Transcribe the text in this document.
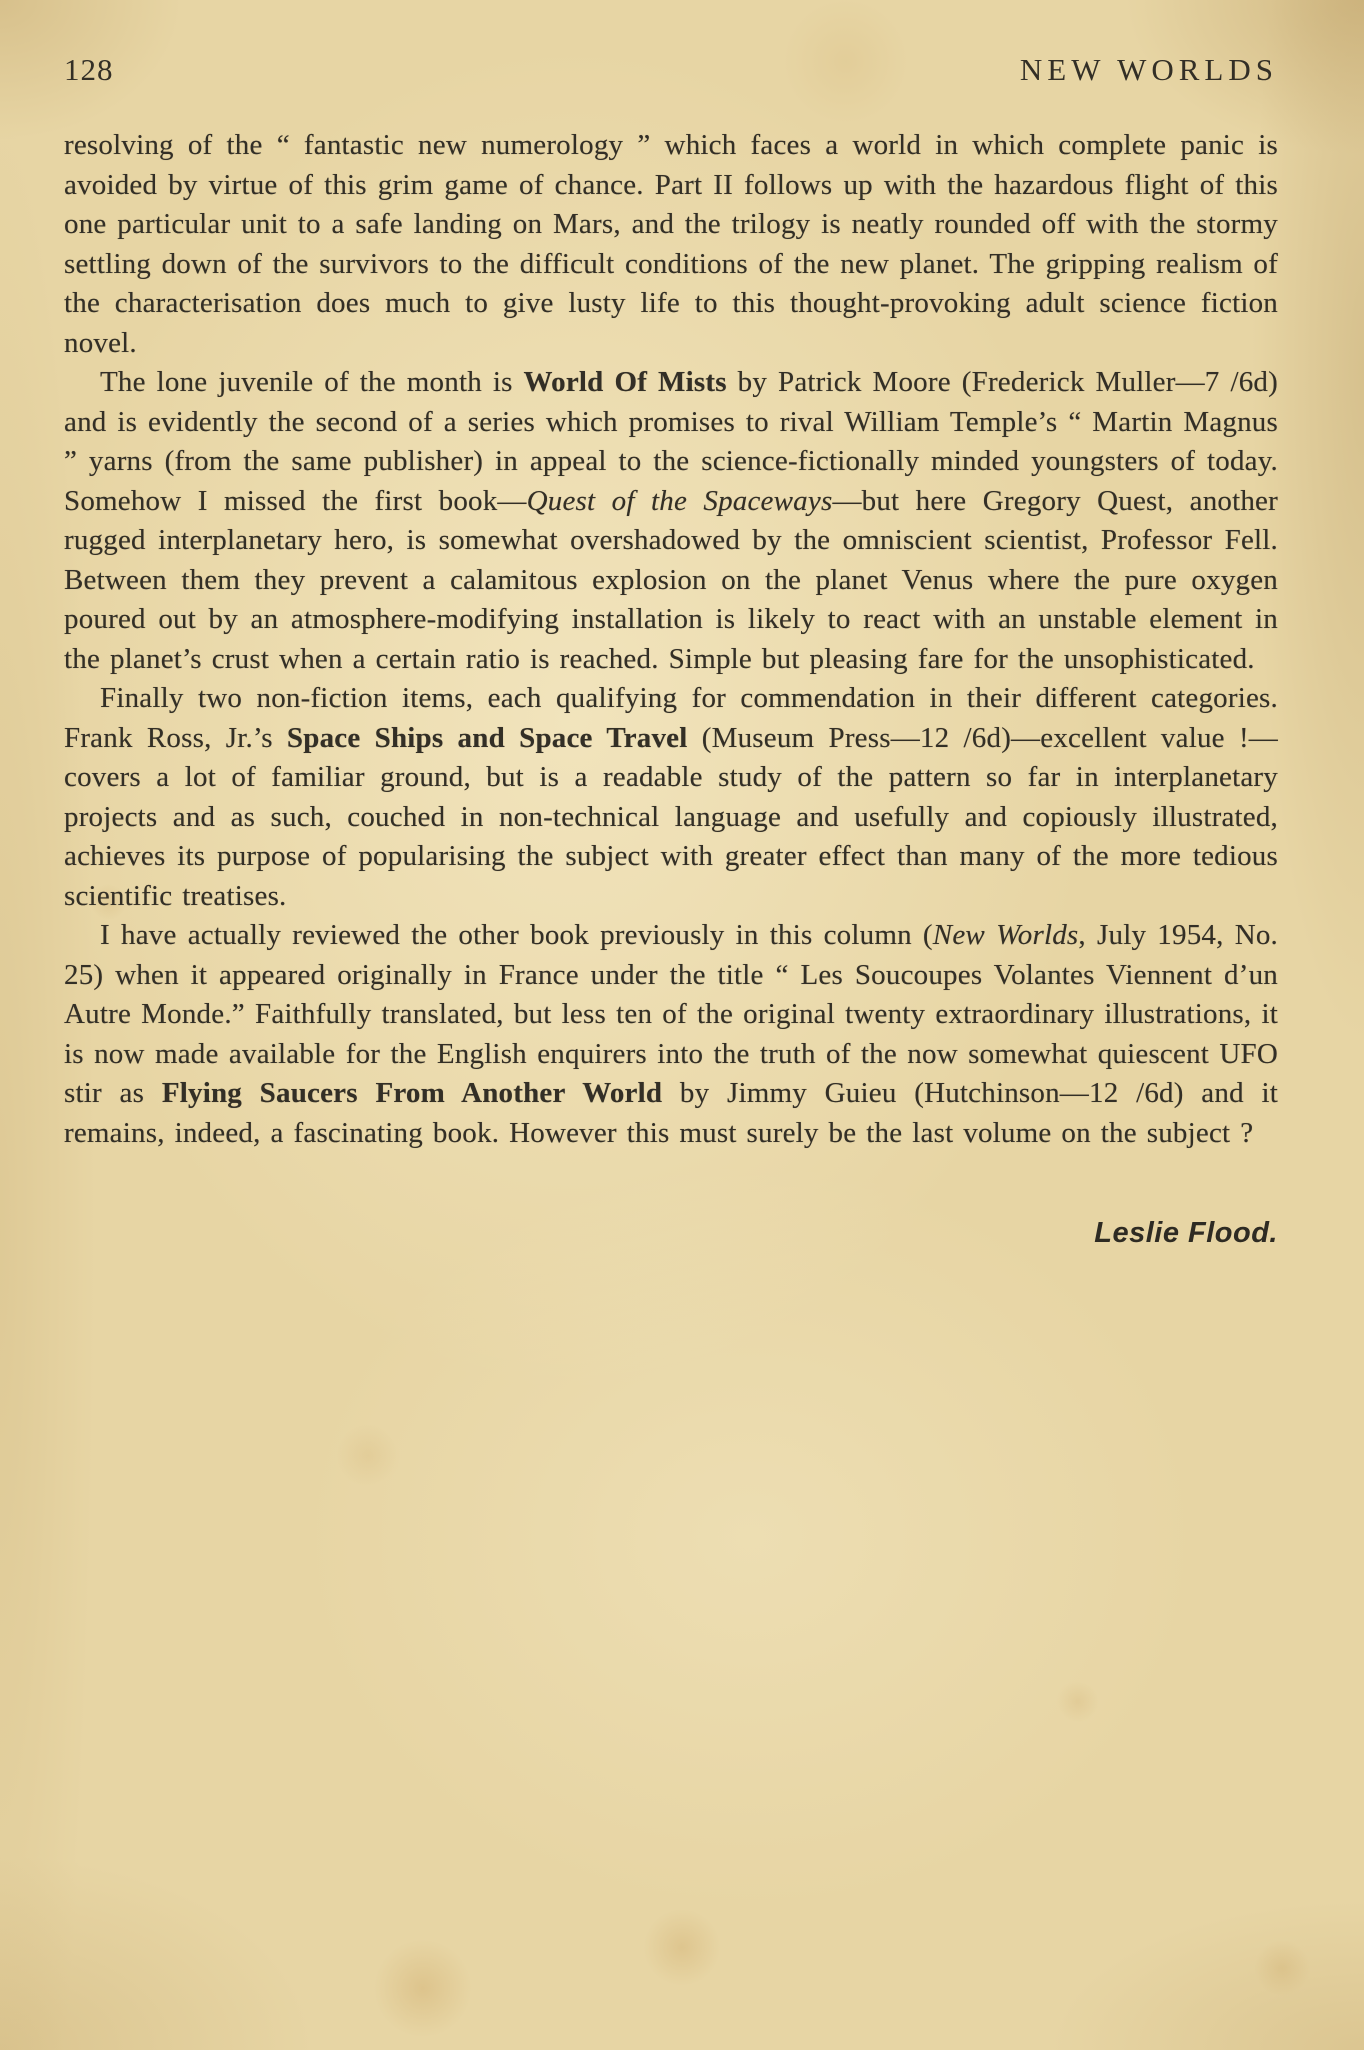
128	NEW WORLDS

resolving of the “ fantastic new numerology ” which faces a world in which complete panic is avoided by virtue of this grim game of chance. Part II follows up with the hazardous flight of this one particular unit to a safe landing on Mars, and the trilogy is neatly rounded off with the stormy settling down of the survivors to the difficult conditions of the new planet. The gripping realism of the characterisation does much to give lusty life to this thought-provoking adult science fiction novel.

The lone juvenile of the month is World Of Mists by Patrick Moore (Frederick Muller—7 /6d) and is evidently the second of a series which promises to rival William Temple’s “ Martin Magnus ” yarns (from the same publisher) in appeal to the science-fictionally minded youngsters of today. Somehow I missed the first book—Quest of the Spaceways—but here Gregory Quest, another rugged interplanetary hero, is somewhat overshadowed by the omniscient scientist, Professor Fell. Between them they prevent a calamitous explosion on the planet Venus where the pure oxygen poured out by an atmosphere-modifying installation is likely to react with an unstable element in the planet’s crust when a certain ratio is reached. Simple but pleasing fare for the unsophisticated.

Finally two non-fiction items, each qualifying for commendation in their different categories. Frank Ross, Jr.’s Space Ships and Space Travel (Museum Press—12 /6d)—excellent value !—covers a lot of familiar ground, but is a readable study of the pattern so far in interplanetary projects and as such, couched in non-technical language and usefully and copiously illustrated, achieves its purpose of popularising the subject with greater effect than many of the more tedious scientific treatises.

I have actually reviewed the other book previously in this column (New Worlds, July 1954, No. 25) when it appeared originally in France under the title “ Les Soucoupes Volantes Viennent d’un Autre Monde.” Faithfully translated, but less ten of the original twenty extraordinary illustrations, it is now made available for the English enquirers into the truth of the now somewhat quiescent UFO stir as Flying Saucers From Another World by Jimmy Guieu (Hutchinson—12 /6d) and it remains, indeed, a fascinating book. However this must surely be the last volume on the subject ?

Leslie Flood.
